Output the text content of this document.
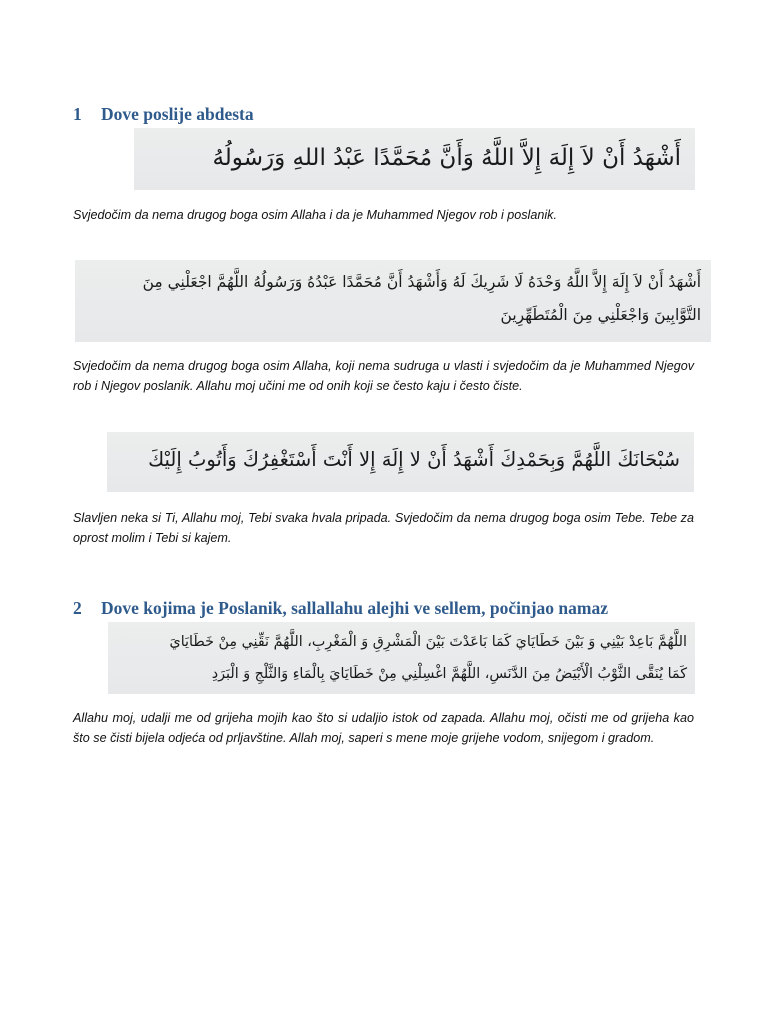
1 Dove poslije abdesta
أَشْهَدُ أَنْ لاَ إِلَهَ إِلاَّ اللَّهُ وَأَنَّ مُحَمَّدًا عَبْدُ اللهِ وَرَسُولُهُ
Svjedočim da nema drugog boga osim Allaha i da je Muhammed Njegov rob i poslanik.
أَشْهَدُ أَنْ لاَ إِلَهَ إِلاَّ اللَّهُ وَحْدَهُ لَا شَرِيكَ لَهُ وَأَشْهَدُ أَنَّ مُحَمَّدًا عَبْدُهُ وَرَسُولُهُ اللَّهُمَّ اجْعَلْنِي مِنَ
التَّوَّابِينَ وَاجْعَلْنِي مِنَ الْمُتَطَهِّرِينَ
Svjedočim da nema drugog boga osim Allaha, koji nema sudruga u vlasti i svjedočim da je Muhammed Njegov rob i Njegov poslanik. Allahu moj učini me od onih koji se često kaju i često čiste.
سُبْحَانَكَ اللَّهُمَّ وَبِحَمْدِكَ أَشْهَدُ أَنْ لا إِلَهَ إِلا أَنْتَ أَسْتَغْفِرُكَ وَأَتُوبُ إِلَيْكَ
Slavljen neka si Ti, Allahu moj, Tebi svaka hvala pripada. Svjedočim da nema drugog boga osim Tebe. Tebe za oprost molim i Tebi si kajem.
2 Dove kojima je Poslanik, sallallahu alejhi ve sellem, počinjao namaz
اللَّهُمَّ بَاعِدْ بَيْنِي وَ بَيْنَ خَطَايَايَ كَمَا بَاعَدْتَ بَيْنَ الْمَشْرِقِ وَ الْمَغْرِبِ، اللَّهُمَّ نَقِّنِي مِنْ خَطَايَايَ
كَمَا يُنَقَّى الثَّوْبُ الْأَبْيَضُ مِنَ الدَّنَسِ، اللَّهُمَّ اغْسِلْنِي مِنْ خَطَايَايَ بِالْمَاءِ وَالثَّلْجِ وَ الْبَرَدِ
Allahu moj, udalji me od grijeha mojih kao što si udaljio istok od zapada. Allahu moj, očisti me od grijeha kao što se čisti bijela odjeća od prljavštine. Allah moj, saperi s mene moje grijehe vodom, snijegom i gradom.
